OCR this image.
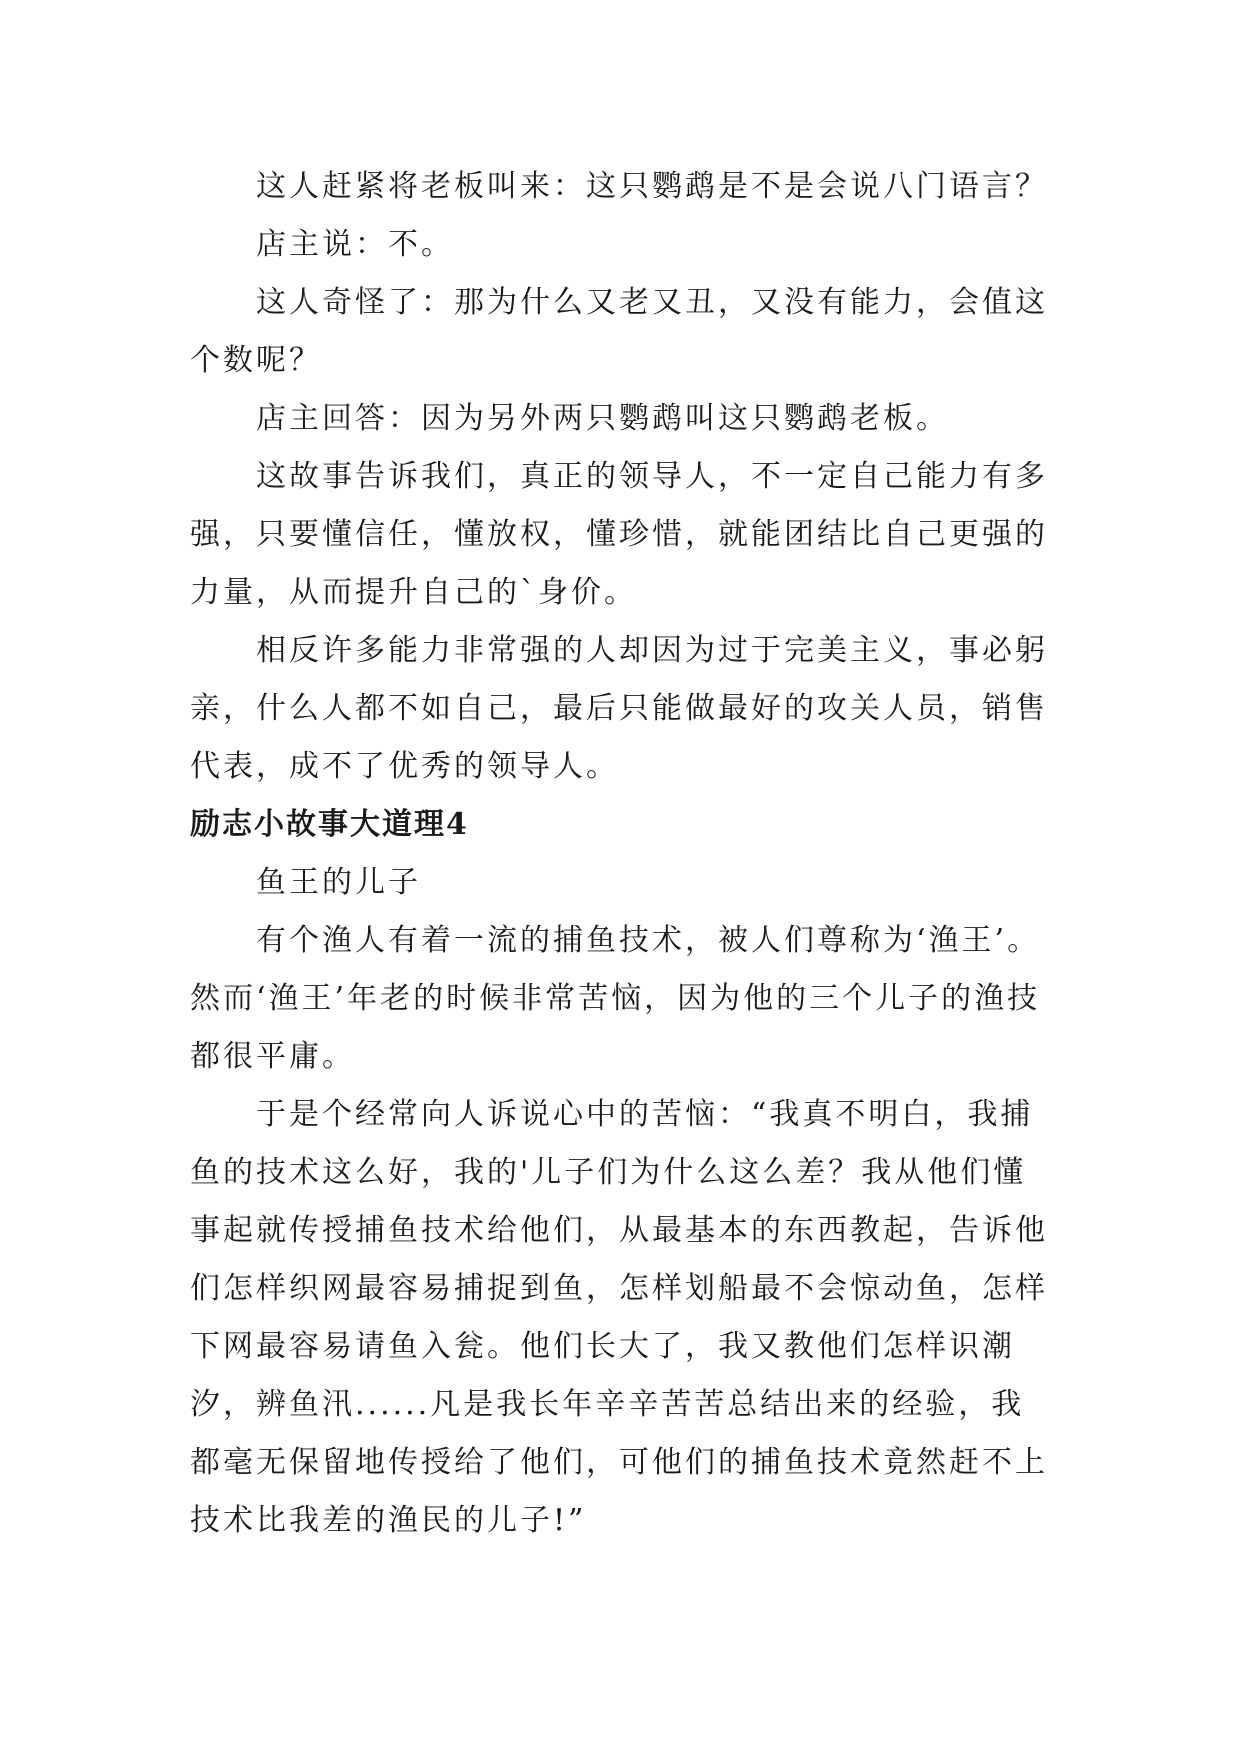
这人赶紧将老板叫来：这只鹦鹉是不是会说八门语言？

店主说：不。

这人奇怪了：那为什么又老又丑，又没有能力，会值这个数呢？

店主回答：因为另外两只鹦鹉叫这只鹦鹉老板。

这故事告诉我们，真正的领导人，不一定自己能力有多强，只要懂信任，懂放权，懂珍惜，就能团结比自己更强的力量，从而提升自己的`身价。

相反许多能力非常强的人却因为过于完美主义，事必躬亲，什么人都不如自己，最后只能做最好的攻关人员，销售代表，成不了优秀的领导人。

励志小故事大道理4

鱼王的儿子

有个渔人有着一流的捕鱼技术，被人们尊称为‘渔王’。然而‘渔王’年老的时候非常苦恼，因为他的三个儿子的渔技都很平庸。

于是个经常向人诉说心中的苦恼：“我真不明白，我捕鱼的技术这么好，我的'儿子们为什么这么差？我从他们懂事起就传授捕鱼技术给他们，从最基本的东西教起，告诉他们怎样织网最容易捕捉到鱼，怎样划船最不会惊动鱼，怎样下网最容易请鱼入瓮。他们长大了，我又教他们怎样识潮汐，辨鱼汛......凡是我长年辛辛苦苦总结出来的经验，我都毫无保留地传授给了他们，可他们的捕鱼技术竟然赶不上技术比我差的渔民的儿子!”
